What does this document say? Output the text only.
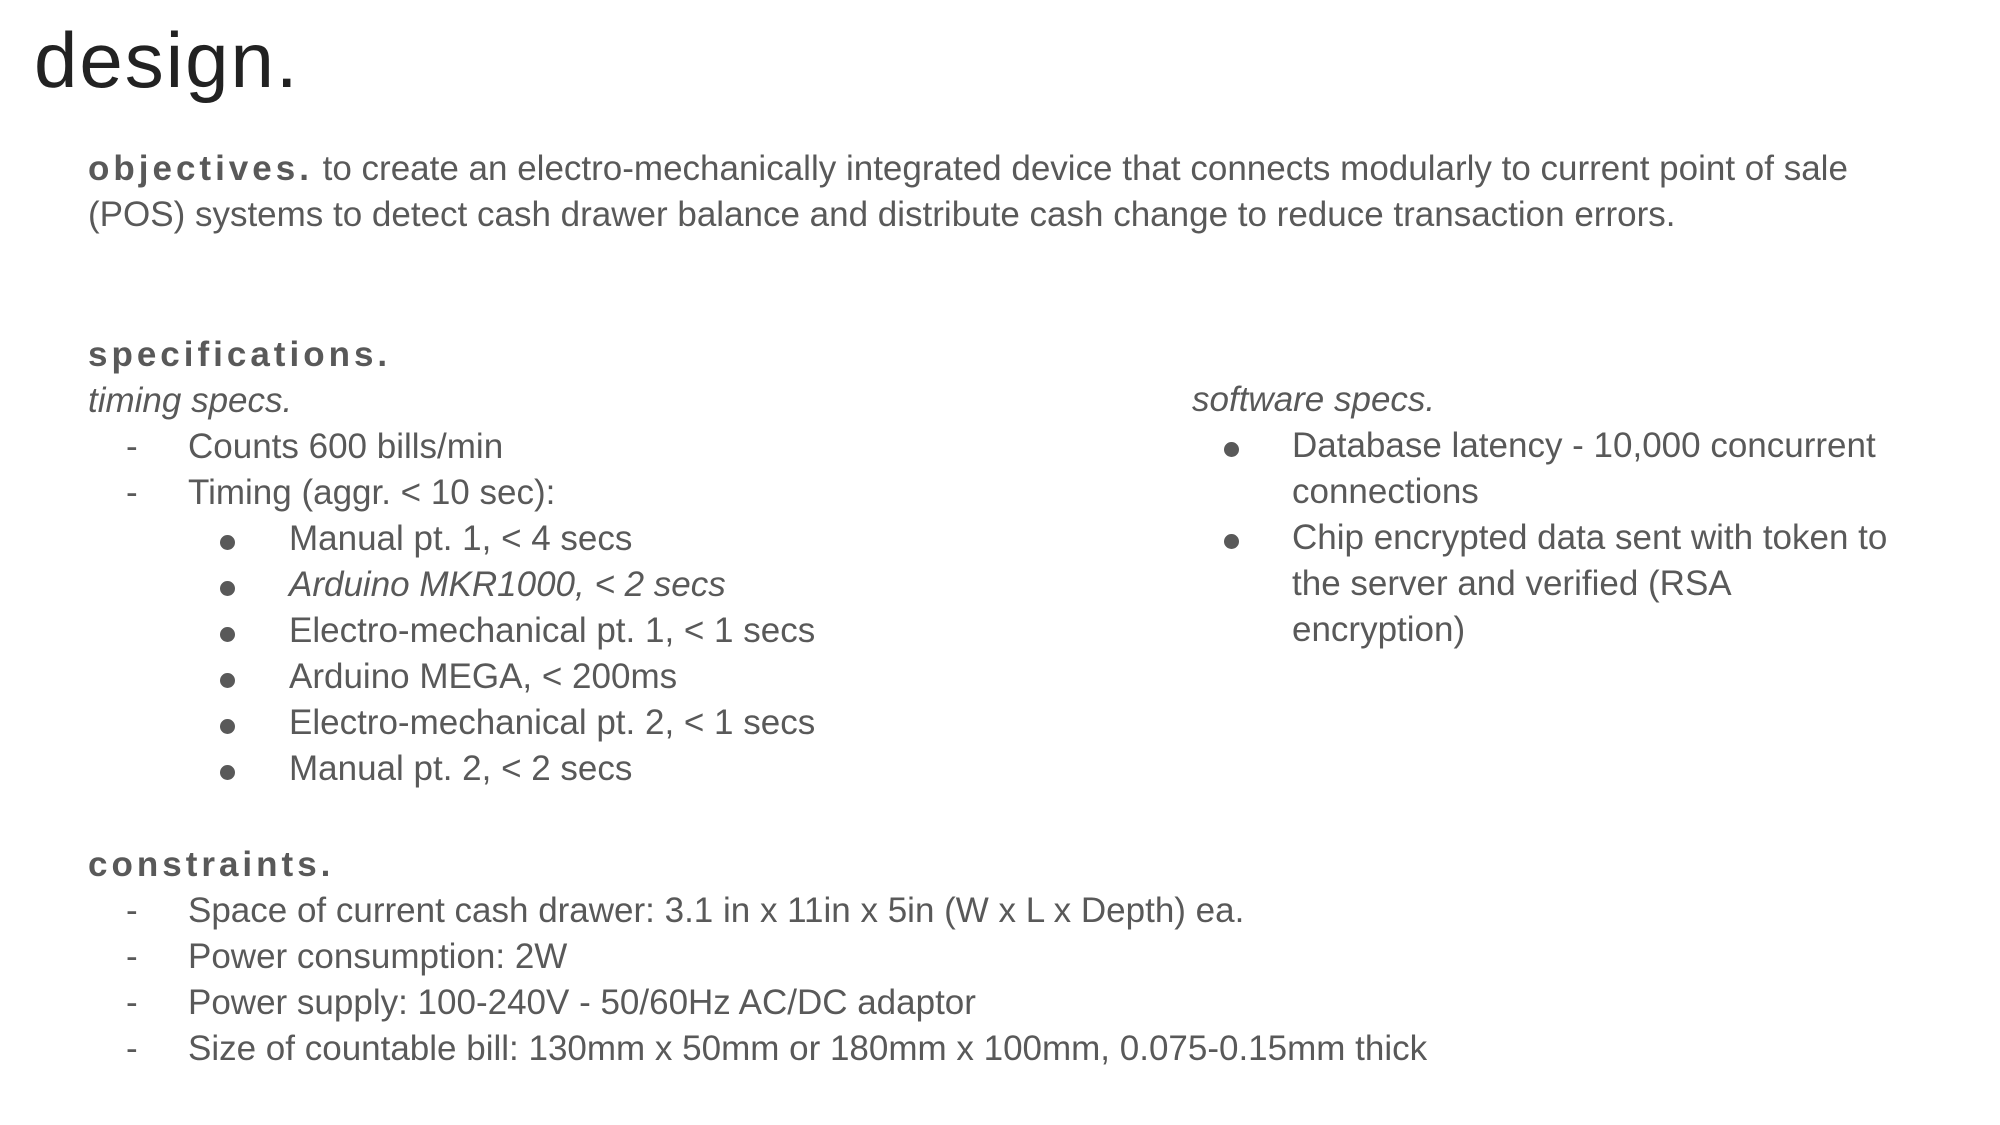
design.

objectives. to create an electro-mechanically integrated device that connects modularly to current point of sale (POS) systems to detect cash drawer balance and distribute cash change to reduce transaction errors.

specifications.
timing specs.
-	Counts 600 bills/min
-	Timing (aggr. < 10 sec):
Manual pt. 1, < 4 secs
Arduino MKR1000, < 2 secs
Electro-mechanical pt. 1, < 1 secs
Arduino MEGA, < 200ms
Electro-mechanical pt. 2, < 1 secs
Manual pt. 2, < 2 secs
software specs.
Database latency - 10,000 concurrent connections
Chip encrypted data sent with token to the server and verified (RSA encryption)
constraints.
-	Space of current cash drawer: 3.1 in x 11in x 5in (W x L x Depth) ea.
-	Power consumption: 2W
-	Power supply: 100-240V - 50/60Hz AC/DC adaptor
-	Size of countable bill: 130mm x 50mm or 180mm x 100mm, 0.075-0.15mm thick
